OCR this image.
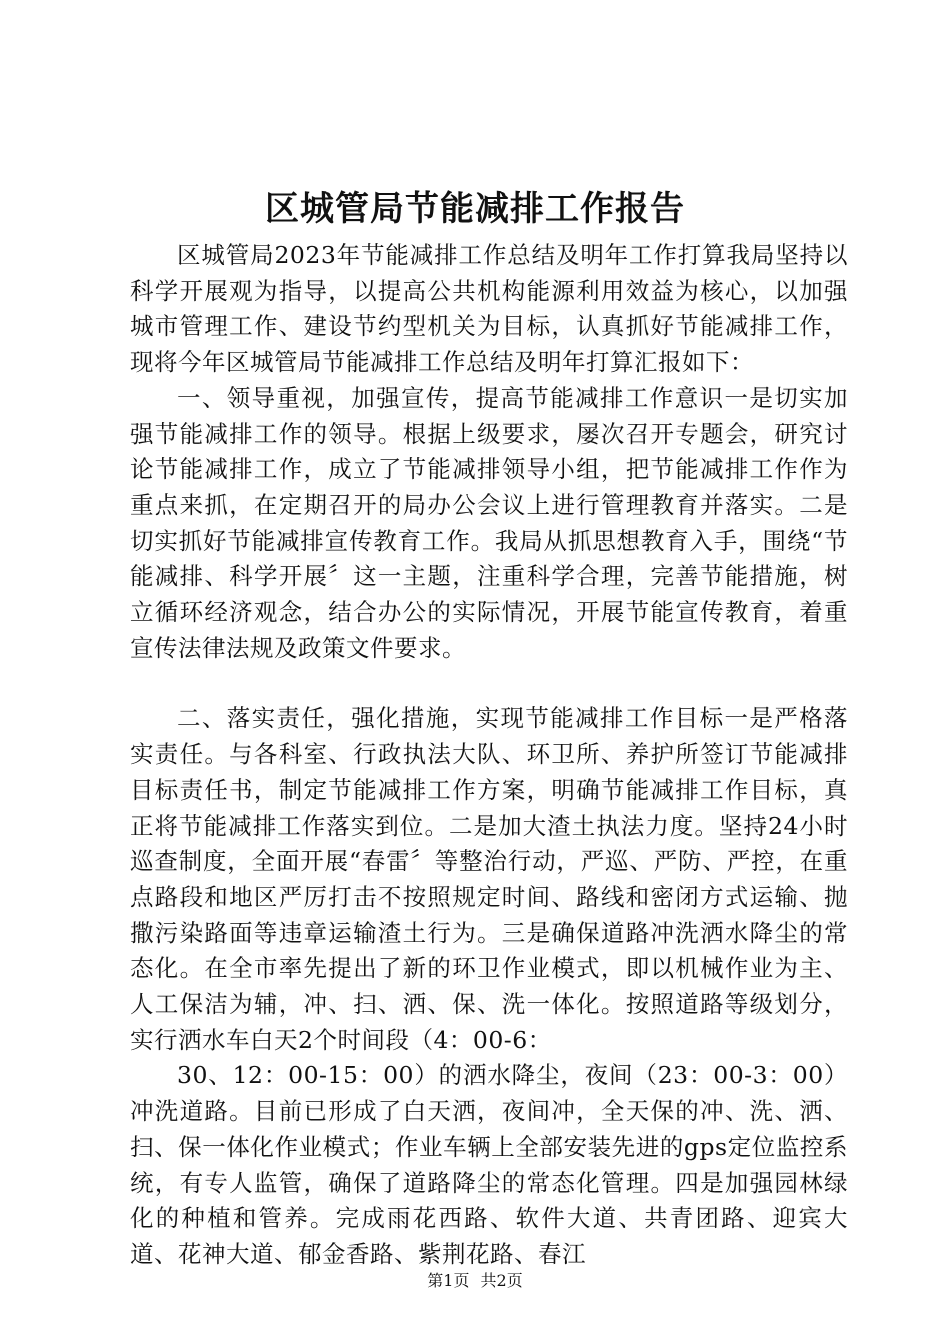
区城管局节能减排工作报告

区城管局2023年节能减排工作总结及明年工作打算我局坚持以科学开展观为指导，以提高公共机构能源利用效益为核心，以加强城市管理工作、建设节约型机关为目标，认真抓好节能减排工作，现将今年区城管局节能减排工作总结及明年打算汇报如下：

一、领导重视，加强宣传，提高节能减排工作意识一是切实加强节能减排工作的领导。根据上级要求，屡次召开专题会，研究讨论节能减排工作，成立了节能减排领导小组，把节能减排工作作为重点来抓，在定期召开的局办公会议上进行管理教育并落实。二是切实抓好节能减排宣传教育工作。我局从抓思想教育入手，围绕“节能减排、科学开展〞这一主题，注重科学合理，完善节能措施，树立循环经济观念，结合办公的实际情况，开展节能宣传教育，着重宣传法律法规及政策文件要求。

二、落实责任，强化措施，实现节能减排工作目标一是严格落实责任。与各科室、行政执法大队、环卫所、养护所签订节能减排目标责任书，制定节能减排工作方案，明确节能减排工作目标，真正将节能减排工作落实到位。二是加大渣土执法力度。坚持24小时巡查制度，全面开展“春雷〞等整治行动，严巡、严防、严控，在重点路段和地区严厉打击不按照规定时间、路线和密闭方式运输、抛撒污染路面等违章运输渣土行为。三是确保道路冲洗洒水降尘的常态化。在全市率先提出了新的环卫作业模式，即以机械作业为主、人工保洁为辅，冲、扫、洒、保、洗一体化。按照道路等级划分，实行洒水车白天2个时间段（4：00-6：

30、12：00-15：00）的洒水降尘，夜间（23：00-3：00）冲洗道路。目前已形成了白天洒，夜间冲，全天保的冲、洗、洒、扫、保一体化作业模式；作业车辆上全部安装先进的gps定位监控系统，有专人监管，确保了道路降尘的常态化管理。四是加强园林绿化的种植和管养。完成雨花西路、软件大道、共青团路、迎宾大道、花神大道、郁金香路、紫荆花路、春江

第1页 共2页
